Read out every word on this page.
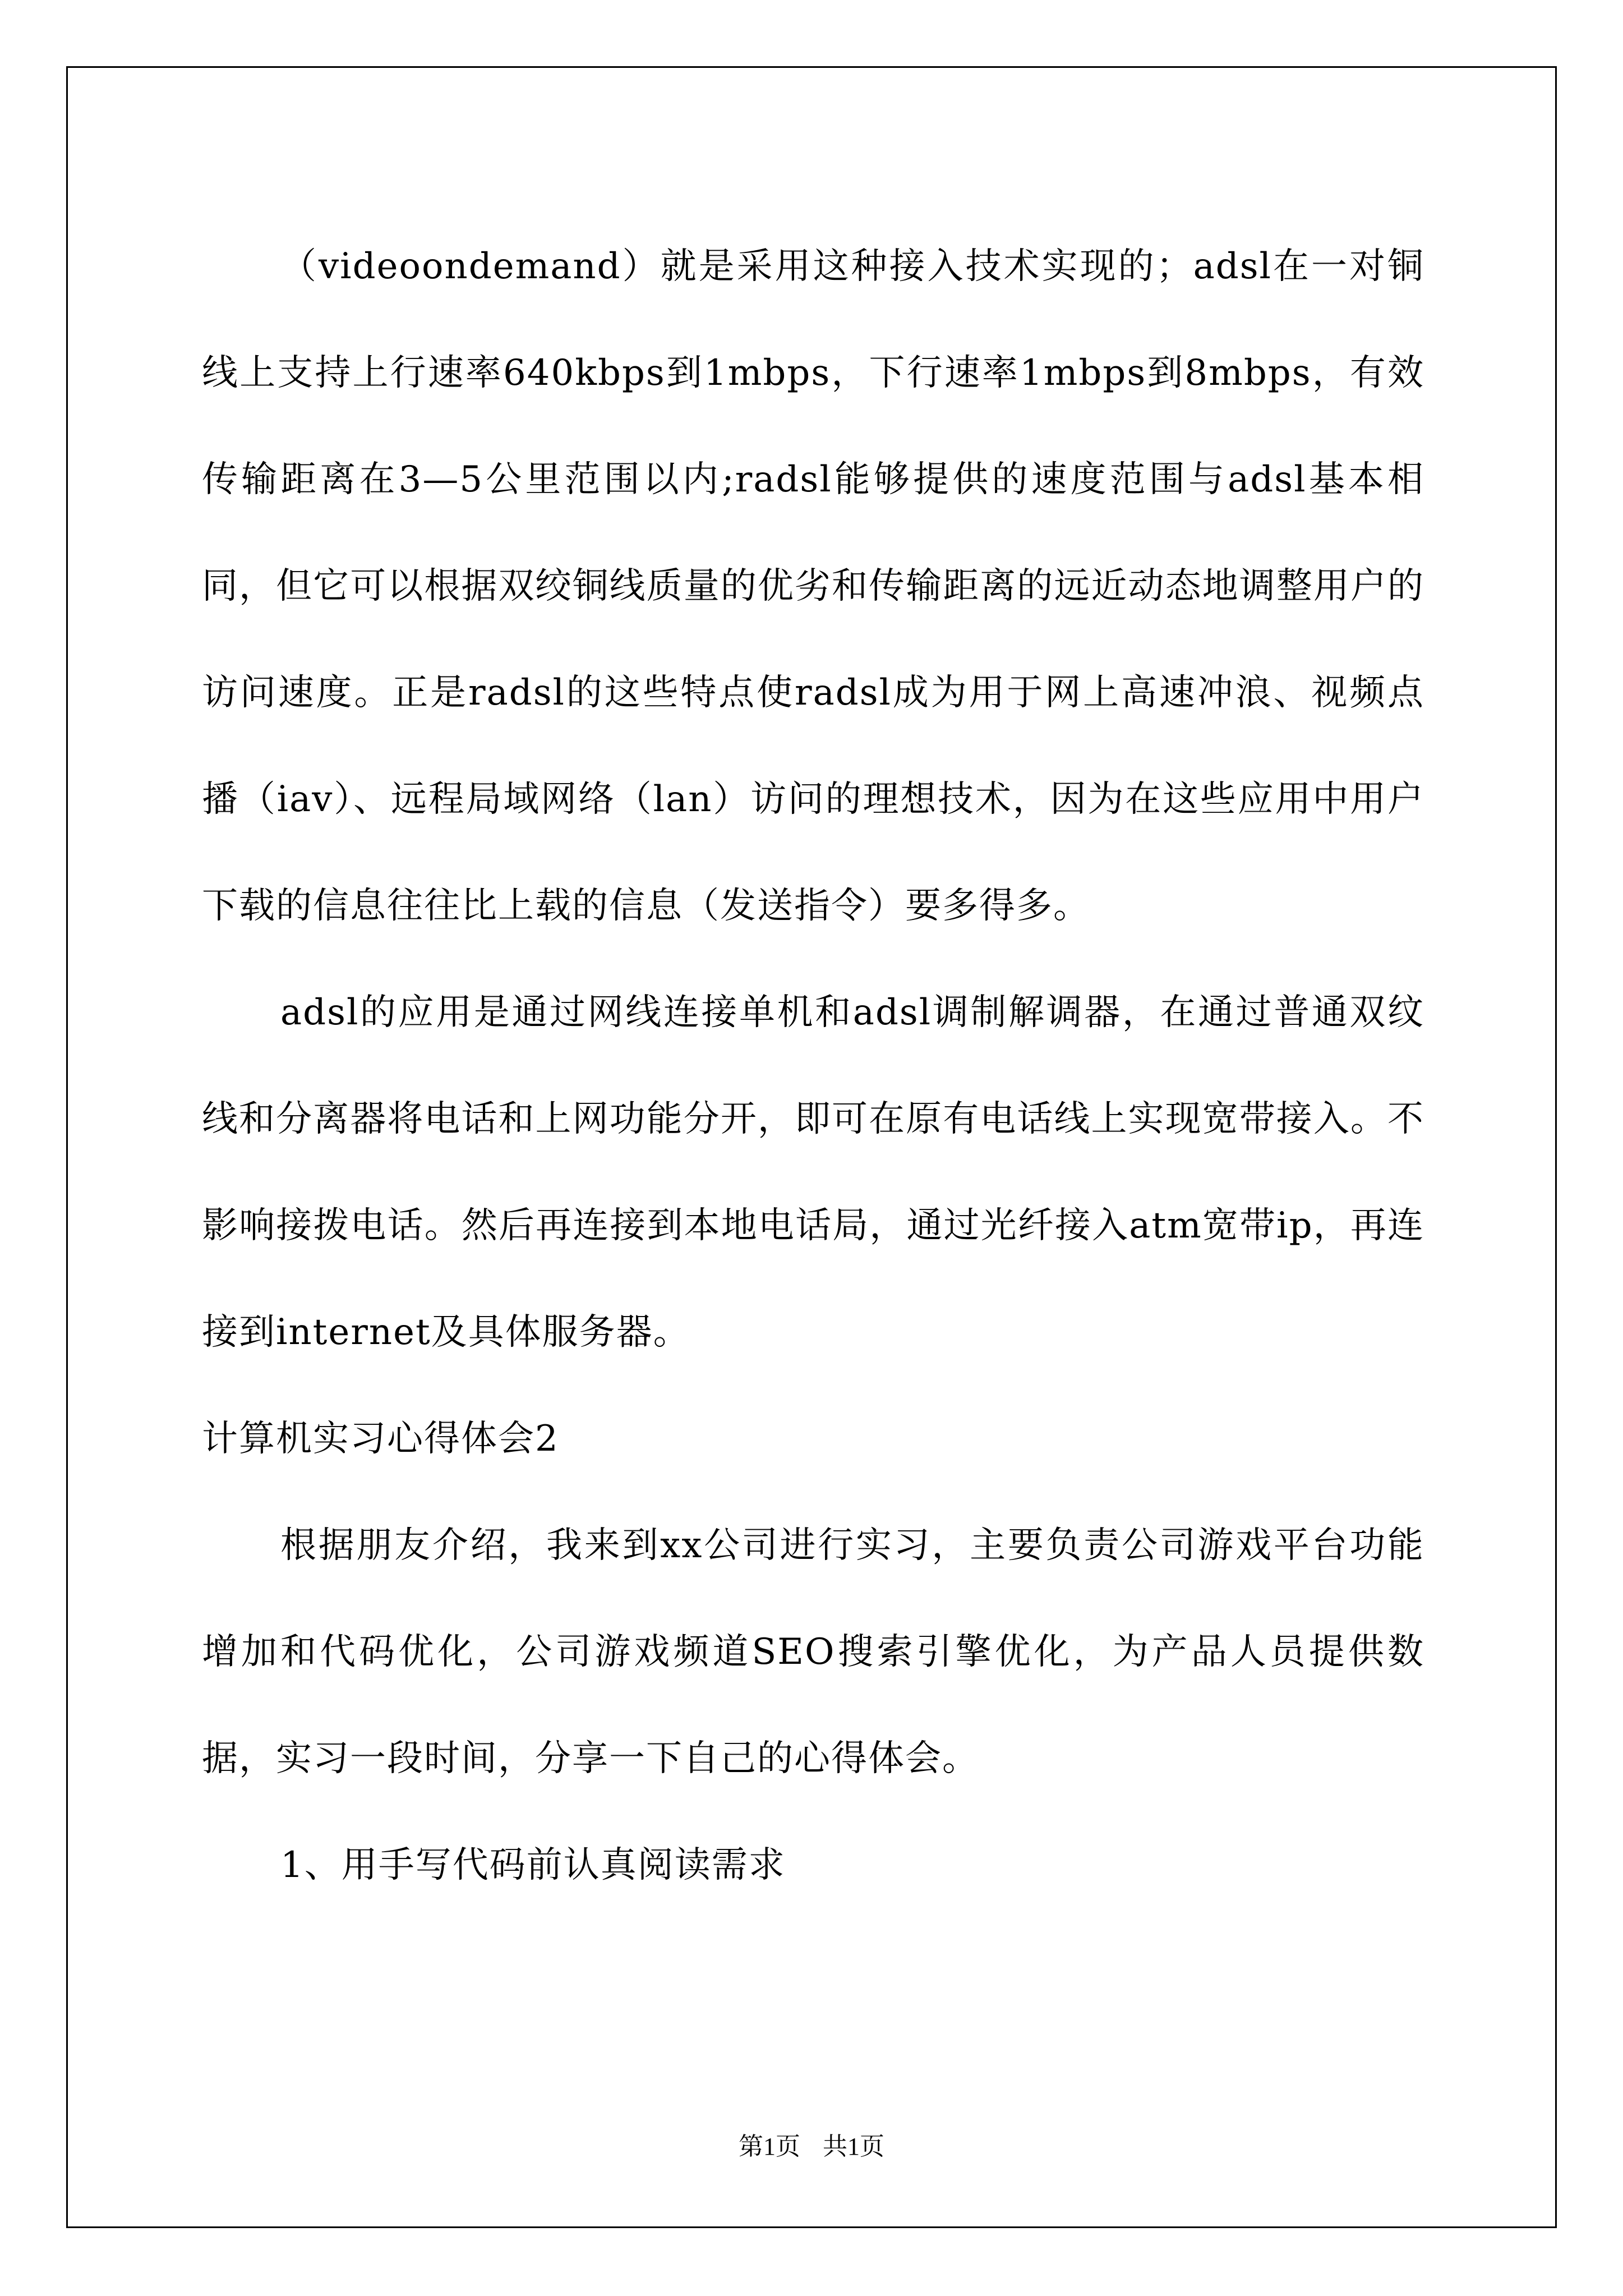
（videoondemand）就是采用这种接入技术实现的；adsl在一对铜线上支持上行速率640kbps到1mbps，下行速率1mbps到8mbps，有效传输距离在3—5公里范围以内;radsl能够提供的速度范围与adsl基本相同，但它可以根据双绞铜线质量的优劣和传输距离的远近动态地调整用户的访问速度。正是radsl的这些特点使radsl成为用于网上高速冲浪、视频点播（iav）、远程局域网络（lan）访问的理想技术，因为在这些应用中用户下载的信息往往比上载的信息（发送指令）要多得多。

adsl的应用是通过网线连接单机和adsl调制解调器，在通过普通双纹线和分离器将电话和上网功能分开，即可在原有电话线上实现宽带接入。不影响接拨电话。然后再连接到本地电话局，通过光纤接入atm宽带ip，再连接到internet及具体服务器。

计算机实习心得体会2

根据朋友介绍，我来到xx公司进行实习，主要负责公司游戏平台功能增加和代码优化，公司游戏频道SEO搜索引擎优化，为产品人员提供数据，实习一段时间，分享一下自己的心得体会。

1、用手写代码前认真阅读需求

第1页 共1页
